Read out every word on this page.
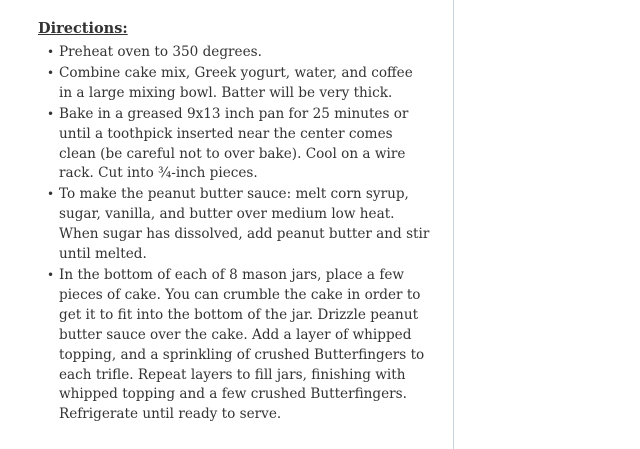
Directions:
• Preheat oven to 350 degrees.
• Combine cake mix, Greek yogurt, water, and coffee in a large mixing bowl. Batter will be very thick.
• Bake in a greased 9x13 inch pan for 25 minutes or until a toothpick inserted near the center comes clean (be careful not to over bake). Cool on a wire rack. Cut into ¾-inch pieces.
• To make the peanut butter sauce: melt corn syrup, sugar, vanilla, and butter over medium low heat. When sugar has dissolved, add peanut butter and stir until melted.
• In the bottom of each of 8 mason jars, place a few pieces of cake. You can crumble the cake in order to get it to fit into the bottom of the jar. Drizzle peanut butter sauce over the cake. Add a layer of whipped topping, and a sprinkling of crushed Butterfingers to each trifle. Repeat layers to fill jars, finishing with whipped topping and a few crushed Butterfingers. Refrigerate until ready to serve.
